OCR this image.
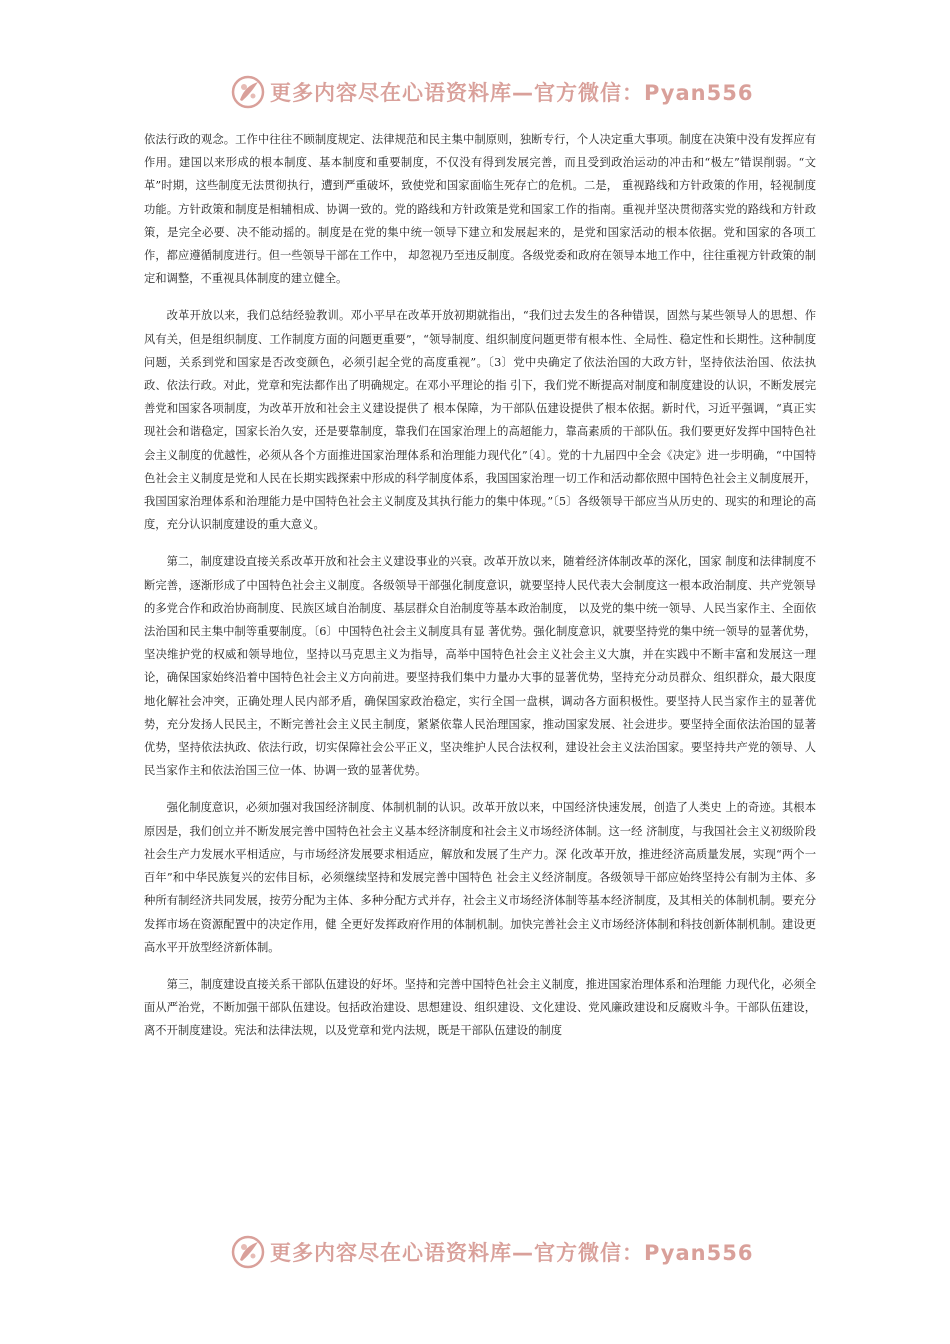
更多内容尽在心语资料库—官方微信：Pyan556

依法行政的观念。工作中往往不顾制度规定、法律规范和民主集中制原则，独断专行，个人决定重大事项。制度在决策中没有发挥应有作用。建国以来形成的根本制度、基本制度和重要制度，不仅没有得到发展完善，而且受到政治运动的冲击和“极左”错误削弱。“文革”时期，这些制度无法贯彻执行，遭到严重破坏，致使党和国家面临生死存亡的危机。二是， 重视路线和方针政策的作用，轻视制度功能。方针政策和制度是相辅相成、协调一致的。党的路线和方针政策是党和国家工作的指南。重视并坚决贯彻落实党的路线和方针政策，是完全必要、决不能动摇的。制度是在党的集中统一领导下建立和发展起来的，是党和国家活动的根本依据。党和国家的各项工作，都应遵循制度进行。但一些领导干部在工作中， 却忽视乃至违反制度。各级党委和政府在领导本地工作中，往往重视方针政策的制定和调整，不重视具体制度的建立健全。

改革开放以来，我们总结经验教训。邓小平早在改革开放初期就指出，“我们过去发生的各种错误，固然与某些领导人的思想、作风有关，但是组织制度、工作制度方面的问题更重要”，“领导制度、组织制度问题更带有根本性、全局性、稳定性和长期性。这种制度问题，关系到党和国家是否改变颜色，必须引起全党的高度重视”。〔3〕党中央确定了依法治国的大政方针，坚持依法治国、依法执政、依法行政。对此，党章和宪法都作出了明确规定。在邓小平理论的指 引下，我们党不断提高对制度和制度建设的认识，不断发展完善党和国家各项制度，为改革开放和社会主义建设提供了 根本保障，为干部队伍建设提供了根本依据。新时代，习近平强调，“真正实现社会和谐稳定，国家长治久安，还是要靠制度，靠我们在国家治理上的高超能力，靠高素质的干部队伍。我们要更好发挥中国特色社会主义制度的优越性，必须从各个方面推进国家治理体系和治理能力现代化”〔4〕。党的十九届四中全会《决定》进一步明确，“中国特色社会主义制度是党和人民在长期实践探索中形成的科学制度体系，我国国家治理一切工作和活动都依照中国特色社会主义制度展开，我国国家治理体系和治理能力是中国特色社会主义制度及其执行能力的集中体现。”〔5〕各级领导干部应当从历史的、现实的和理论的高度，充分认识制度建设的重大意义。

第二，制度建设直接关系改革开放和社会主义建设事业的兴衰。改革开放以来，随着经济体制改革的深化，国家 制度和法律制度不断完善，逐渐形成了中国特色社会主义制度。各级领导干部强化制度意识，就要坚持人民代表大会制度这一根本政治制度、共产党领导的多党合作和政治协商制度、民族区域自治制度、基层群众自治制度等基本政治制度， 以及党的集中统一领导、人民当家作主、全面依法治国和民主集中制等重要制度。〔6〕中国特色社会主义制度具有显 著优势。强化制度意识，就要坚持党的集中统一领导的显著优势，坚决维护党的权威和领导地位，坚持以马克思主义为指导，高举中国特色社会主义社会主义大旗，并在实践中不断丰富和发展这一理论，确保国家始终沿着中国特色社会主义方向前进。要坚持我们集中力量办大事的显著优势，坚持充分动员群众、组织群众，最大限度地化解社会冲突，正确处理人民内部矛盾，确保国家政治稳定，实行全国一盘棋，调动各方面积极性。要坚持人民当家作主的显著优势，充分发扬人民民主，不断完善社会主义民主制度，紧紧依靠人民治理国家，推动国家发展、社会进步。要坚持全面依法治国的显著优势，坚持依法执政、依法行政，切实保障社会公平正义，坚决维护人民合法权利，建设社会主义法治国家。要坚持共产党的领导、人民当家作主和依法治国三位一体、协调一致的显著优势。

强化制度意识，必须加强对我国经济制度、体制机制的认识。改革开放以来，中国经济快速发展，创造了人类史 上的奇迹。其根本原因是，我们创立并不断发展完善中国特色社会主义基本经济制度和社会主义市场经济体制。这一经 济制度，与我国社会主义初级阶段社会生产力发展水平相适应，与市场经济发展要求相适应，解放和发展了生产力。深 化改革开放，推进经济高质量发展，实现“两个一百年”和中华民族复兴的宏伟目标，必须继续坚持和发展完善中国特色 社会主义经济制度。各级领导干部应始终坚持公有制为主体、多种所有制经济共同发展，按劳分配为主体、多种分配方式并存，社会主义市场经济体制等基本经济制度，及其相关的体制机制。要充分发挥市场在资源配置中的决定作用，健 全更好发挥政府作用的体制机制。加快完善社会主义市场经济体制和科技创新体制机制。建设更高水平开放型经济新体制。

第三，制度建设直接关系干部队伍建设的好坏。坚持和完善中国特色社会主义制度，推进国家治理体系和治理能 力现代化，必须全面从严治党，不断加强干部队伍建设。包括政治建设、思想建设、组织建设、文化建设、党风廉政建设和反腐败斗争。干部队伍建设，离不开制度建设。宪法和法律法规，以及党章和党内法规，既是干部队伍建设的制度

更多内容尽在心语资料库—官方微信：Pyan556
